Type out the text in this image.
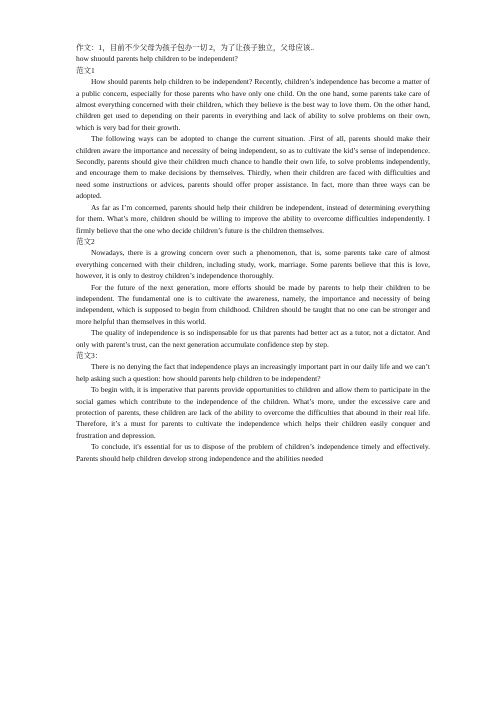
作文：1，目前不少父母为孩子包办一切 2，为了让孩子独立，父母应该..

how shuould parents help children to be independent?

范文1

How should parents help children to be independent? Recently, children’s independence has become a matter of a public concern, especially for those parents who have only one child. On the one hand, some parents take care of almost everything concerned with their children, which they believe is the best way to love them. On the other hand, children get used to depending on their parents in everything and lack of ability to solve problems on their own, which is very bad for their growth.

The following ways can be adopted to change the current situation. .First of all, parents should make their children aware the importance and necessity of being independent, so as to cultivate the kid’s sense of independence. Secondly, parents should give their children much chance to handle their own life, to solve problems independently, and encourage them to make decisions by themselves. Thirdly, when their children are faced with difficulties and need some instructions or advices, parents should offer proper assistance. In fact, more than three ways can be adopted.

As far as I’m concerned, parents should help their children be independent, instead of determining everything for them. What’s more, children should be willing to improve the ability to overcome difficulties independently. I firmly believe that the one who decide children’s future is the children themselves.

范文2

Nowadays, there is a growing concern over such a phenomenon, that is, some parents take care of almost everything concerned with their children, including study, work, marriage. Some parents believe that this is love, however, it is only to destroy children’s independence thoroughly.

For the future of the next generation, more efforts should be made by parents to help their children to be independent. The fundamental one is to cultivate the awareness, namely, the importance and necessity of being independent, which is supposed to begin from childhood. Children should be taught that no one can be stronger and more helpful than themselves in this world.

The quality of independence is so indispensable for us that parents had better act as a tutor, not a dictator. And only with parent’s trust, can the next generation accumulate confidence step by step.

范文3：

There is no denying the fact that independence plays an increasingly important part in our daily life and we can’t help asking such a question: how should parents help children to be independent?

To begin with, it is imperative that parents provide opportunities to children and allow them to participate in the social games which contribute to the independence of the children. What’s more, under the excessive care and protection of parents, these children are lack of the ability to overcome the difficulties that abound in their real life. Therefore, it’s a must for parents to cultivate the independence which helps their children easily conquer and frustration and depression.

To conclude, it's essential for us to dispose of the problem of children’s independence timely and effectively. Parents should help children develop strong independence and the abilities needed
